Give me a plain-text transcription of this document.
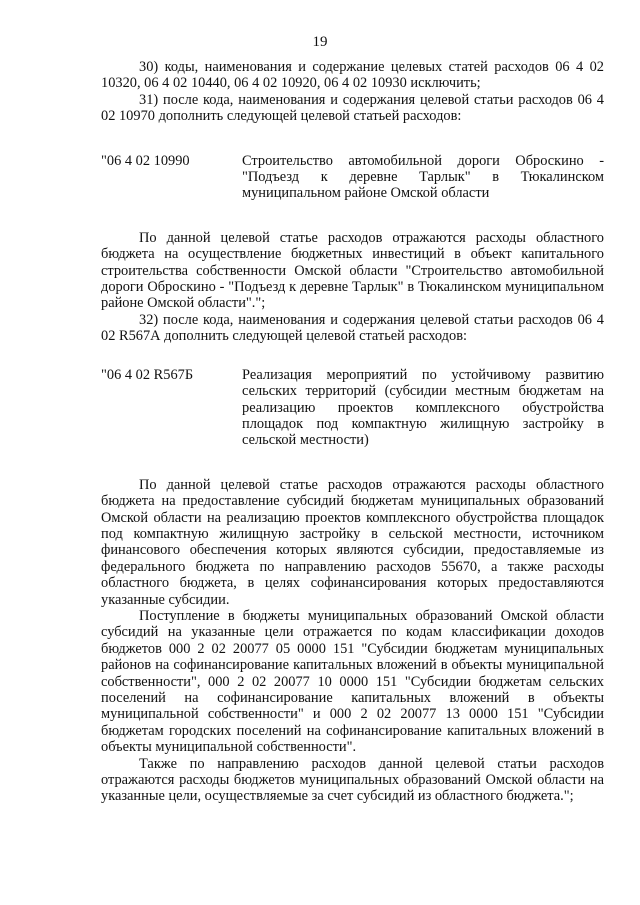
19

30) коды, наименования и содержание целевых статей расходов 06 4 02 10320, 06 4 02 10440, 06 4 02 10920, 06 4 02 10930 исключить;

31) после кода, наименования и содержания целевой статьи расходов 06 4 02 10970 дополнить следующей целевой статьей расходов:

"06 4 02 10990	Строительство автомобильной дороги Оброскино - "Подъезд к деревне Тарлык" в Тюкалинском муниципальном районе Омской области

По данной целевой статье расходов отражаются расходы областного бюджета на осуществление бюджетных инвестиций в объект капитального строительства собственности Омской области "Строительство автомобильной дороги Оброскино - "Подъезд к деревне Тарлык" в Тюкалинском муниципальном районе Омской области".";

32) после кода, наименования и содержания целевой статьи расходов 06 4 02 R567А дополнить следующей целевой статьей расходов:

"06 4 02 R567Б	Реализация мероприятий по устойчивому развитию сельских территорий (субсидии местным бюджетам на реализацию проектов комплексного обустройства площадок под компактную жилищную застройку в сельской местности)

По данной целевой статье расходов отражаются расходы областного бюджета на предоставление субсидий бюджетам муниципальных образований Омской области на реализацию проектов комплексного обустройства площадок под компактную жилищную застройку в сельской местности, источником финансового обеспечения которых являются субсидии, предоставляемые из федерального бюджета по направлению расходов 55670, а также расходы областного бюджета, в целях софинансирования которых предоставляются указанные субсидии.

Поступление в бюджеты муниципальных образований Омской области субсидий на указанные цели отражается по кодам классификации доходов бюджетов 000 2 02 20077 05 0000 151 "Субсидии бюджетам муниципальных районов на софинансирование капитальных вложений в объекты муниципальной собственности", 000 2 02 20077 10 0000 151 "Субсидии бюджетам сельских поселений на софинансирование капитальных вложений в объекты муниципальной собственности" и 000 2 02 20077 13 0000 151 "Субсидии бюджетам городских поселений на софинансирование капитальных вложений в объекты муниципальной собственности".

Также по направлению расходов данной целевой статьи расходов отражаются расходы бюджетов муниципальных образований Омской области на указанные цели, осуществляемые за счет субсидий из областного бюджета.";
